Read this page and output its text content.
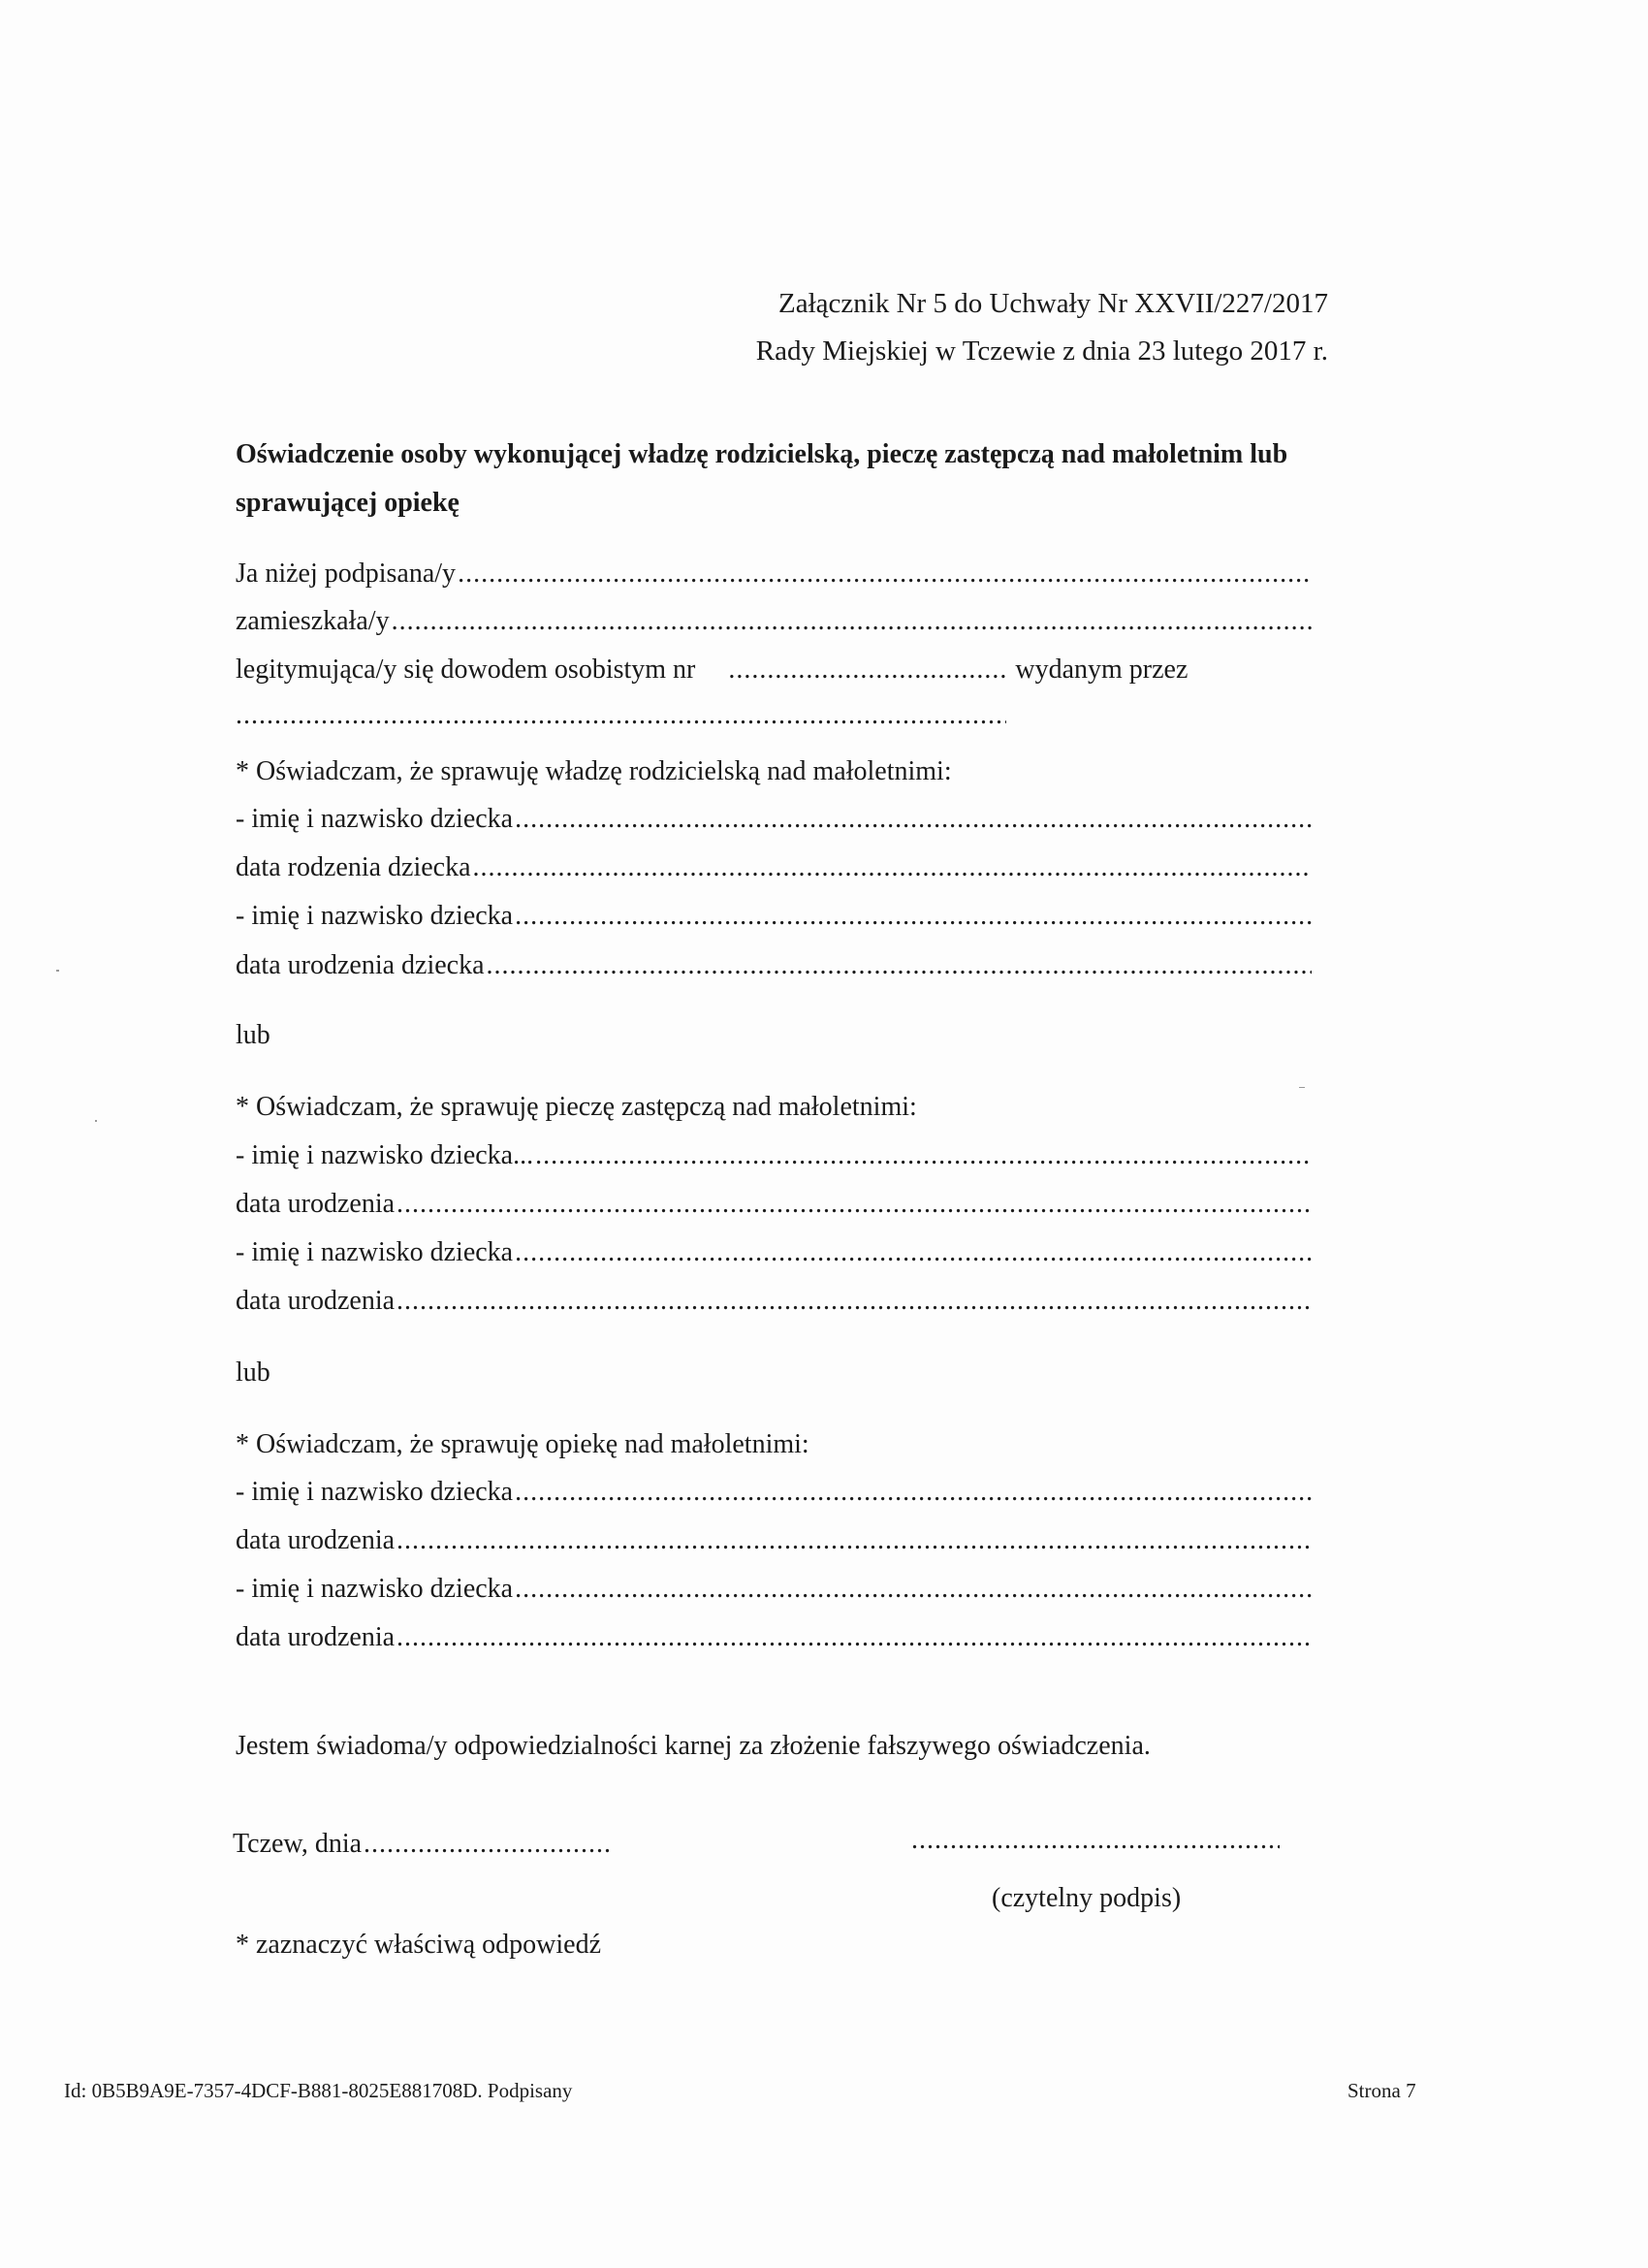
Załącznik Nr 5 do Uchwały Nr XXVII/227/2017
Rady Miejskiej w Tczewie z dnia 23 lutego 2017 r.
Oświadczenie osoby wykonującej władzę rodzicielską, pieczę zastępczą nad małoletnim lub sprawującej opiekę
Ja niżej podpisana/y
.....
zamieszkała/y
.....
legitymująca/y się dowodem osobistym nr
.....	wydanym przez
.....
* Oświadczam, że sprawuję władzę rodzicielską nad małoletnimi:
- imię i nazwisko dziecka
.....
data rodzenia dziecka
.....
- imię i nazwisko dziecka
.....
data urodzenia dziecka
.....
lub
* Oświadczam, że sprawuję pieczę zastępczą nad małoletnimi:
- imię i nazwisko dziecka...
.....
data urodzenia
.....
- imię i nazwisko dziecka
.....
data urodzenia
.....
lub
* Oświadczam, że sprawuję opiekę nad małoletnimi:
- imię i nazwisko dziecka
.....
data urodzenia
.....
- imię i nazwisko dziecka
.....
data urodzenia
.....
Jestem świadoma/y odpowiedzialności karnej za złożenie fałszywego oświadczenia.
Tczew, dnia
.....
.....
(czytelny podpis)
* zaznaczyć właściwą odpowiedź
Id: 0B5B9A9E-7357-4DCF-B881-8025E881708D. Podpisany	Strona 7
